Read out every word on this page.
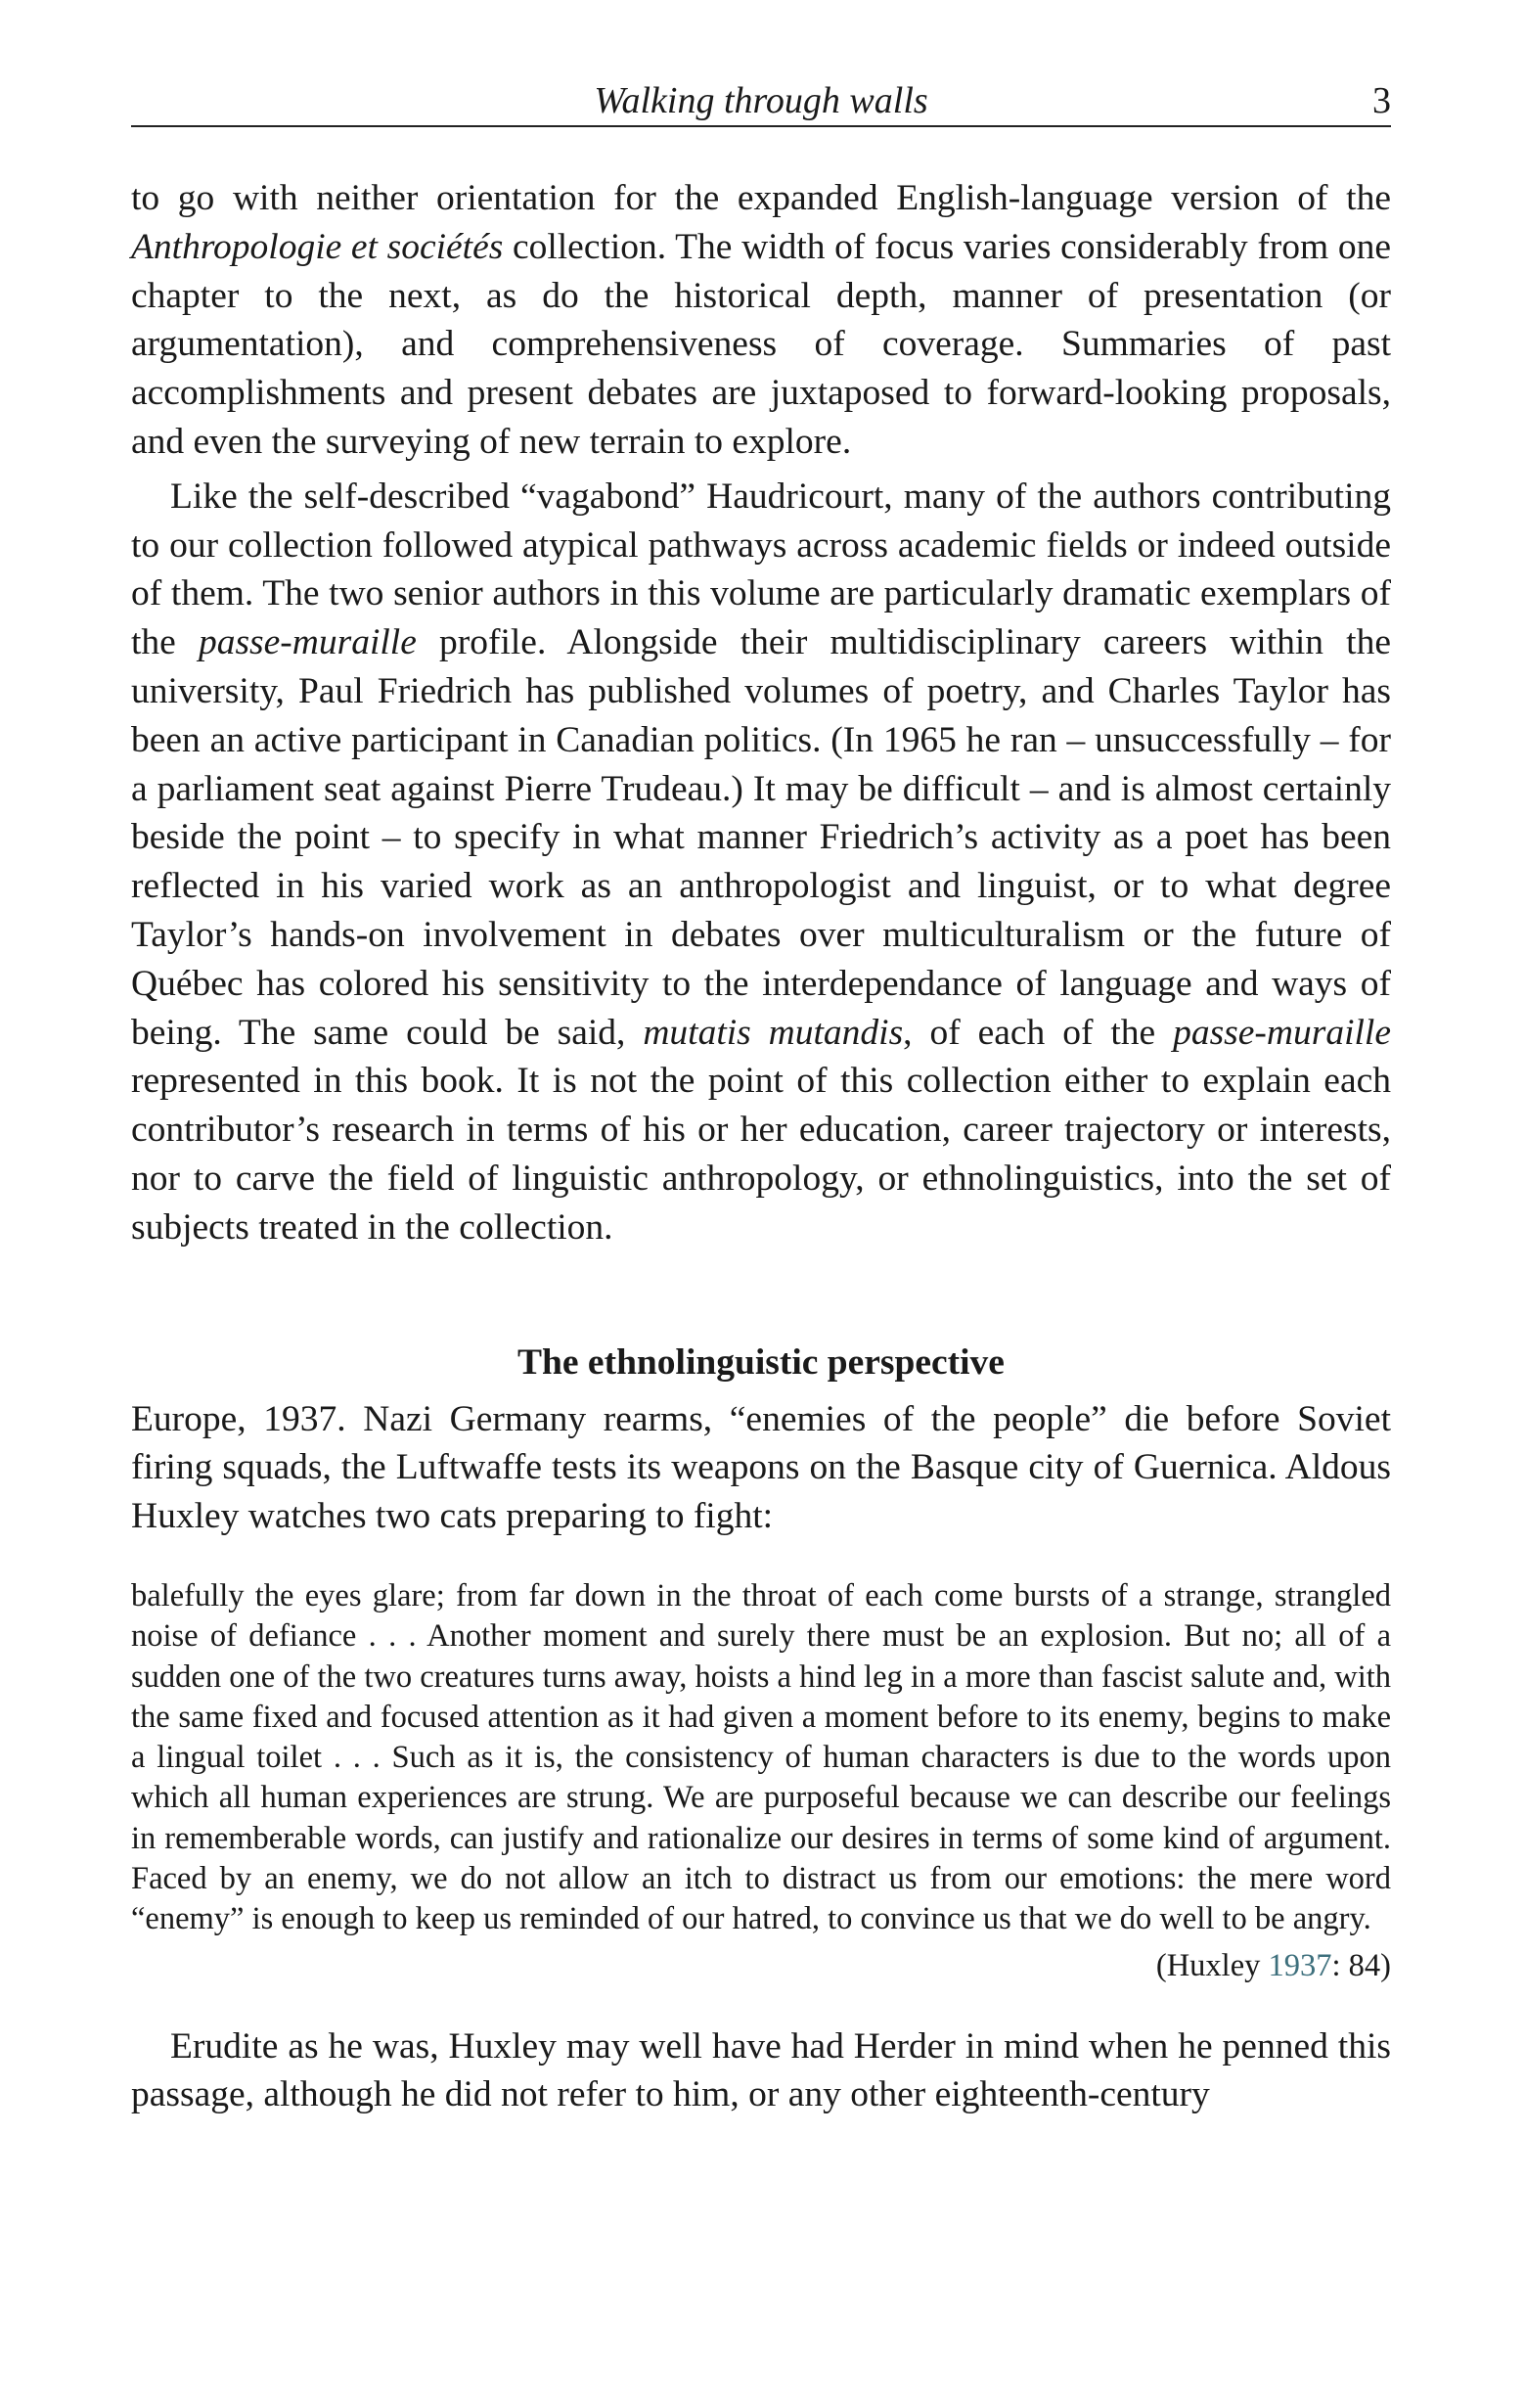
Walking through walls	3

to go with neither orientation for the expanded English-language version of the Anthropologie et sociétés collection. The width of focus varies considerably from one chapter to the next, as do the historical depth, manner of presentation (or argumentation), and comprehensiveness of coverage. Summaries of past accomplishments and present debates are juxtaposed to forward-looking proposals, and even the surveying of new terrain to explore.

Like the self-described “vagabond” Haudricourt, many of the authors contributing to our collection followed atypical pathways across academic fields or indeed outside of them. The two senior authors in this volume are particularly dramatic exemplars of the passe-muraille profile. Alongside their multidisciplinary careers within the university, Paul Friedrich has published volumes of poetry, and Charles Taylor has been an active participant in Canadian politics. (In 1965 he ran – unsuccessfully – for a parliament seat against Pierre Trudeau.) It may be difficult – and is almost certainly beside the point – to specify in what manner Friedrich’s activity as a poet has been reflected in his varied work as an anthropologist and linguist, or to what degree Taylor’s hands-on involvement in debates over multiculturalism or the future of Québec has colored his sensitivity to the interdependance of language and ways of being. The same could be said, mutatis mutandis, of each of the passe-muraille represented in this book. It is not the point of this collection either to explain each contributor’s research in terms of his or her education, career trajectory or interests, nor to carve the field of linguistic anthropology, or ethnolinguistics, into the set of subjects treated in the collection.

The ethnolinguistic perspective

Europe, 1937. Nazi Germany rearms, “enemies of the people” die before Soviet firing squads, the Luftwaffe tests its weapons on the Basque city of Guernica. Aldous Huxley watches two cats preparing to fight:

balefully the eyes glare; from far down in the throat of each come bursts of a strange, strangled noise of defiance . . . Another moment and surely there must be an explosion. But no; all of a sudden one of the two creatures turns away, hoists a hind leg in a more than fascist salute and, with the same fixed and focused attention as it had given a moment before to its enemy, begins to make a lingual toilet . . . Such as it is, the consistency of human characters is due to the words upon which all human experiences are strung. We are purposeful because we can describe our feelings in rememberable words, can justify and rationalize our desires in terms of some kind of argument. Faced by an enemy, we do not allow an itch to distract us from our emotions: the mere word “enemy” is enough to keep us reminded of our hatred, to convince us that we do well to be angry.
(Huxley 1937: 84)

Erudite as he was, Huxley may well have had Herder in mind when he penned this passage, although he did not refer to him, or any other eighteenth-century
